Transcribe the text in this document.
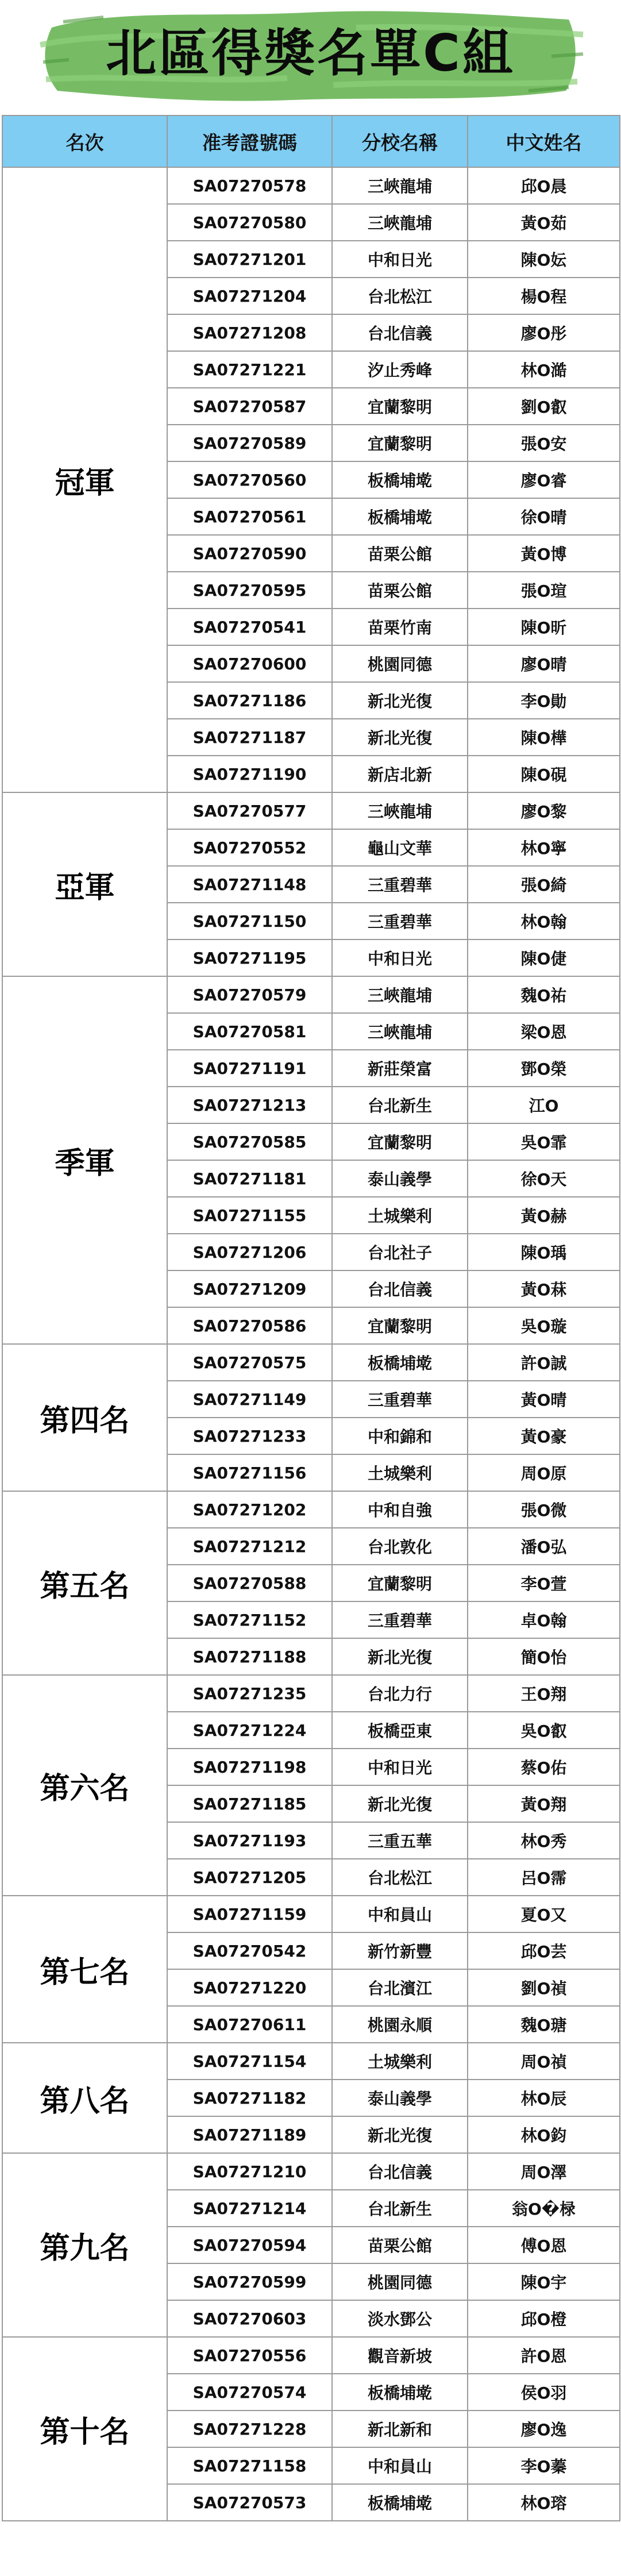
北區得獎名單C組
名次	准考證號碼	分校名稱	中文姓名
冠軍	SA07270578	三峽龍埔	邱O晨
	SA07270580	三峽龍埔	黃O茹
	SA07271201	中和日光	陳O妘
	SA07271204	台北松江	楊O程
	SA07271208	台北信義	廖O彤
	SA07271221	汐止秀峰	林O澔
	SA07270587	宜蘭黎明	劉O叡
	SA07270589	宜蘭黎明	張O安
	SA07270560	板橋埔墘	廖O睿
	SA07270561	板橋埔墘	徐O晴
	SA07270590	苗栗公館	黃O博
	SA07270595	苗栗公館	張O瑄
	SA07270541	苗栗竹南	陳O昕
	SA07270600	桃園同德	廖O晴
	SA07271186	新北光復	李O勛
	SA07271187	新北光復	陳O樺
	SA07271190	新店北新	陳O硯
亞軍	SA07270577	三峽龍埔	廖O黎
	SA07270552	龜山文華	林O寧
	SA07271148	三重碧華	張O綺
	SA07271150	三重碧華	林O翰
	SA07271195	中和日光	陳O倢
季軍	SA07270579	三峽龍埔	魏O祐
	SA07270581	三峽龍埔	梁O恩
	SA07271191	新莊榮富	鄧O榮
	SA07271213	台北新生	江O
	SA07270585	宜蘭黎明	吳O霏
	SA07271181	泰山義學	徐O天
	SA07271155	土城樂利	黃O赫
	SA07271206	台北社子	陳O瑀
	SA07271209	台北信義	黃O菻
	SA07270586	宜蘭黎明	吳O璇
第四名	SA07270575	板橋埔墘	許O誠
	SA07271149	三重碧華	黃O晴
	SA07271233	中和錦和	黃O豪
	SA07271156	土城樂利	周O原
第五名	SA07271202	中和自強	張O微
	SA07271212	台北敦化	潘O弘
	SA07270588	宜蘭黎明	李O萱
	SA07271152	三重碧華	卓O翰
	SA07271188	新北光復	簡O怡
第六名	SA07271235	台北力行	王O翔
	SA07271224	板橋亞東	吳O叡
	SA07271198	中和日光	蔡O佑
	SA07271185	新北光復	黃O翔
	SA07271193	三重五華	林O秀
	SA07271205	台北松江	呂O霈
第七名	SA07271159	中和員山	夏O又
	SA07270542	新竹新豐	邱O芸
	SA07271220	台北濱江	劉O禎
	SA07270611	桃園永順	魏O瑭
第八名	SA07271154	土城樂利	周O禎
	SA07271182	泰山義學	林O辰
	SA07271189	新北光復	林O鈞
第九名	SA07271210	台北信義	周O澤
	SA07271214	台北新生	翁O�椂
	SA07270594	苗栗公館	傅O恩
	SA07270599	桃園同德	陳O宇
	SA07270603	淡水鄧公	邱O橙
第十名	SA07270556	觀音新坡	許O恩
	SA07270574	板橋埔墘	侯O羽
	SA07271228	新北新和	廖O逸
	SA07271158	中和員山	李O蓁
	SA07270573	板橋埔墘	林O瑢
